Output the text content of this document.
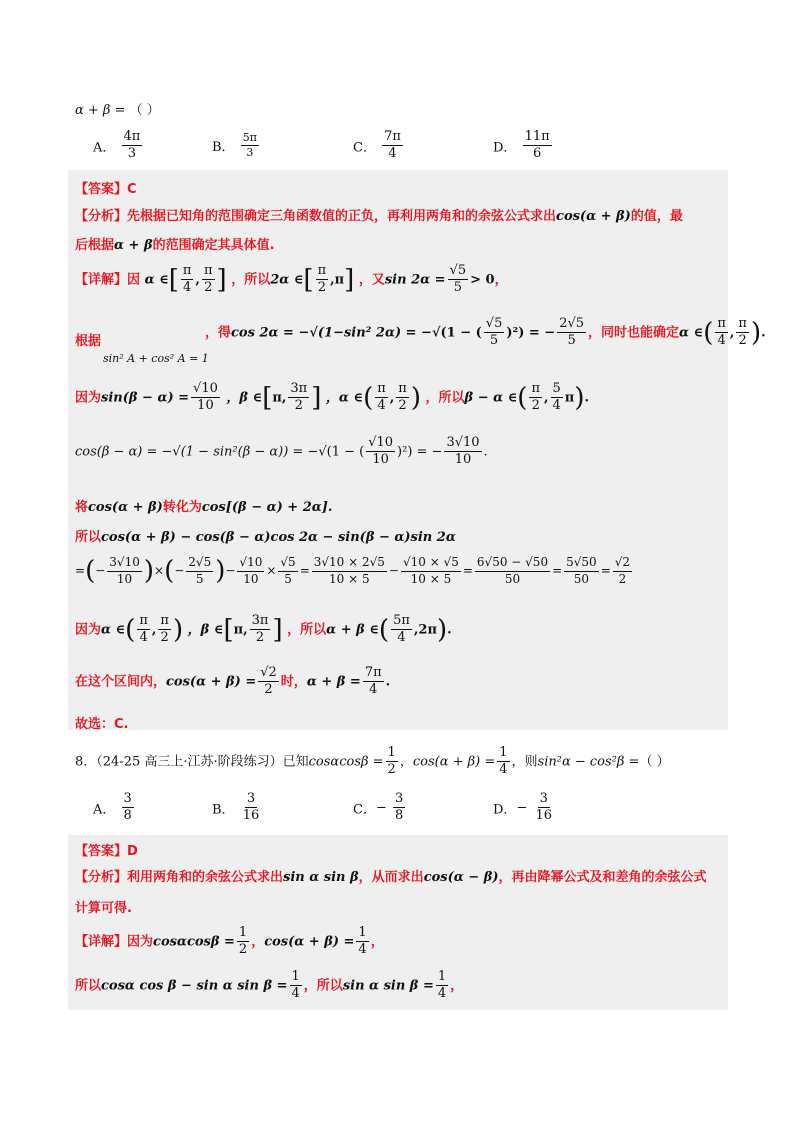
α + β = （ ）
A． $\frac{4\pi}{3}$	B． $\frac{5\pi}{3}$	C． $\frac{7\pi}{4}$	D． $\frac{11\pi}{6}$
【答案】C
【分析】先根据已知角的范围确定三角函数值的正负，再利用两角和的余弦公式求出cos(α + β)的值，最
后根据α + β的范围确定其具体值.
【详解】因 α ∈[ $\frac{\pi}{4}$ , $\frac{\pi}{2}$ ] ，所以2α ∈[ $\frac{\pi}{2} ,\pi$] ，又$\sin 2\alpha = \frac{√5}{5} > 0$，
根据
sin² A + cos² A = 1
，得cos 2α = −√(1−sin² 2α) = −√(1 − ( $\frac{√5}{5} )^2$) = − $\frac{2√5}{5}$ ，同时也能确定α ∈( $\frac{\pi}{4}$ , $\frac{\pi}{2}$ ).
因为$\sin(\beta - \alpha) = \frac{√10}{10}$ ，β ∈[π, $\frac{3\pi}{2}$ ] ，α ∈( $\frac{\pi}{4}$ , $\frac{\pi}{2}$ ) ，所以β − α ∈( $\frac{\pi}{2}$ , $\frac{5}{4} \pi$).
cos(β − α) = −√(1 − sin²(β − α)) = −√(1 − ( $\frac{√10}{10} )^2$) = − $\frac{3√10}{10}$ .
将cos(α + β)转化为cos[(β − α) + 2α].
所以cos(α + β) − cos(β − α)cos 2α − sin(β − α)sin 2α
=(− $\frac{3√10}{10}$ )×(− $\frac{2√5}{5}$ )− $\frac{√10}{10} \times \frac{√5}{5} = \frac{3√10 \times 2√5}{10 \times 5} - \frac{√10 \times √5}{10 \times 5} = \frac{6√50 - √50}{50} = \frac{5√50}{50} = \frac{√2}{2}$
因为α ∈( $\frac{\pi}{4}$ , $\frac{\pi}{2}$ ) ，β ∈[π, $\frac{3\pi}{2}$ ] ，所以α + β ∈( $\frac{5\pi}{4} ,2\pi$).
在这个区间内，$\cos(\alpha + \beta) = \frac{√2}{2}$ 时，$\alpha + \beta = \frac{7\pi}{4}$ .
故选：C.
8．（24-25 高三上·江苏·阶段练习）已知$\cos\alpha\cos\beta = \frac{1}{2}$ ，$\cos(\alpha + \beta) = \frac{1}{4}$ ，则sin²α − cos²β =（ ）
A． $\frac{3}{8}$	B． $\frac{3}{16}$	C．− $\frac{3}{8}$	D．− $\frac{3}{16}$
【答案】D
【分析】利用两角和的余弦公式求出sin α sin β，从而求出cos(α − β)，再由降幂公式及和差角的余弦公式
计算可得.
【详解】因为$\cos\alpha\cos\beta = \frac{1}{2}$ ，$\cos(\alpha + \beta) = \frac{1}{4}$ ，
所以cosα cos β − sin α $\sin \beta = \frac{1}{4}$ ，所以sin α $\sin \beta = \frac{1}{4}$ ，
